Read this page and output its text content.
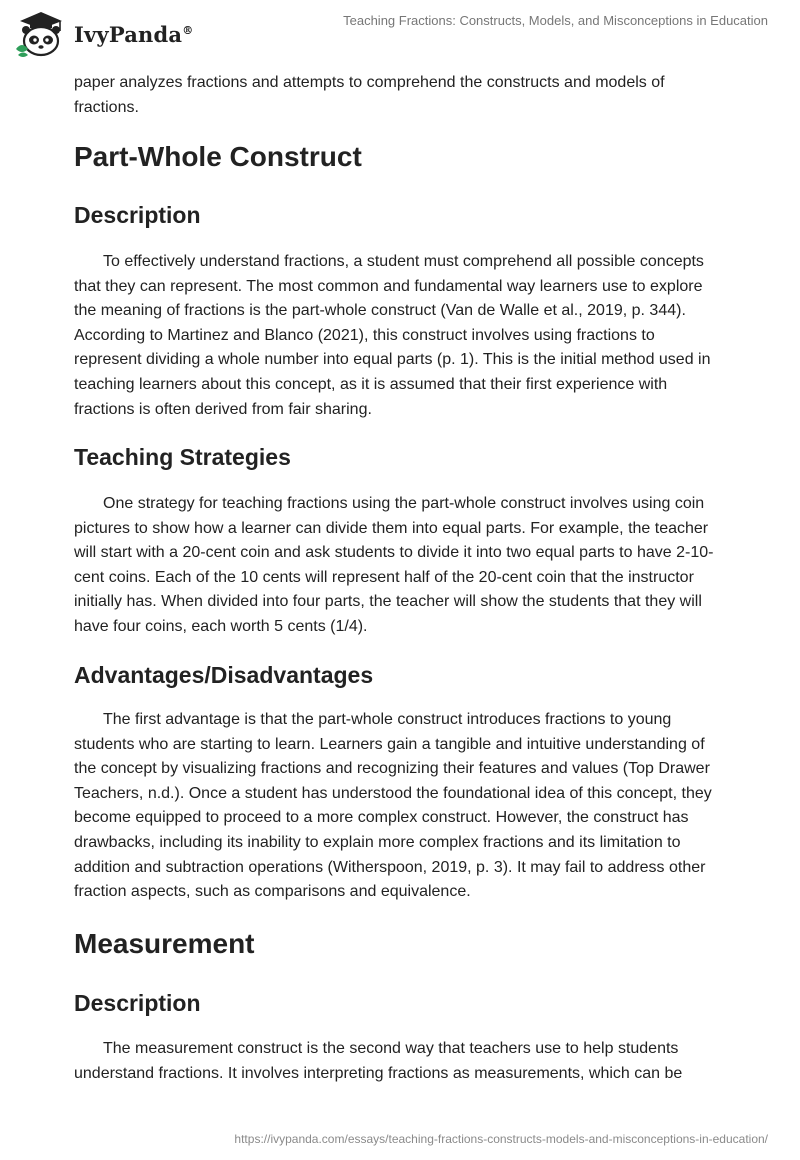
IvyPanda®
Teaching Fractions: Constructs, Models, and Misconceptions in Education

paper analyzes fractions and attempts to comprehend the constructs and models of fractions.

Part-Whole Construct
Description

To effectively understand fractions, a student must comprehend all possible concepts that they can represent. The most common and fundamental way learners use to explore the meaning of fractions is the part-whole construct (Van de Walle et al., 2019, p. 344). According to Martinez and Blanco (2021), this construct involves using fractions to represent dividing a whole number into equal parts (p. 1). This is the initial method used in teaching learners about this concept, as it is assumed that their first experience with fractions is often derived from fair sharing.

Teaching Strategies

One strategy for teaching fractions using the part-whole construct involves using coin pictures to show how a learner can divide them into equal parts. For example, the teacher will start with a 20-cent coin and ask students to divide it into two equal parts to have 2-10-cent coins. Each of the 10 cents will represent half of the 20-cent coin that the instructor initially has. When divided into four parts, the teacher will show the students that they will have four coins, each worth 5 cents (1/4).

Advantages/Disadvantages

The first advantage is that the part-whole construct introduces fractions to young students who are starting to learn. Learners gain a tangible and intuitive understanding of the concept by visualizing fractions and recognizing their features and values (Top Drawer Teachers, n.d.). Once a student has understood the foundational idea of this concept, they become equipped to proceed to a more complex construct. However, the construct has drawbacks, including its inability to explain more complex fractions and its limitation to addition and subtraction operations (Witherspoon, 2019, p. 3). It may fail to address other fraction aspects, such as comparisons and equivalence.

Measurement
Description

The measurement construct is the second way that teachers use to help students understand fractions. It involves interpreting fractions as measurements, which can be

https://ivypanda.com/essays/teaching-fractions-constructs-models-and-misconceptions-in-education/
